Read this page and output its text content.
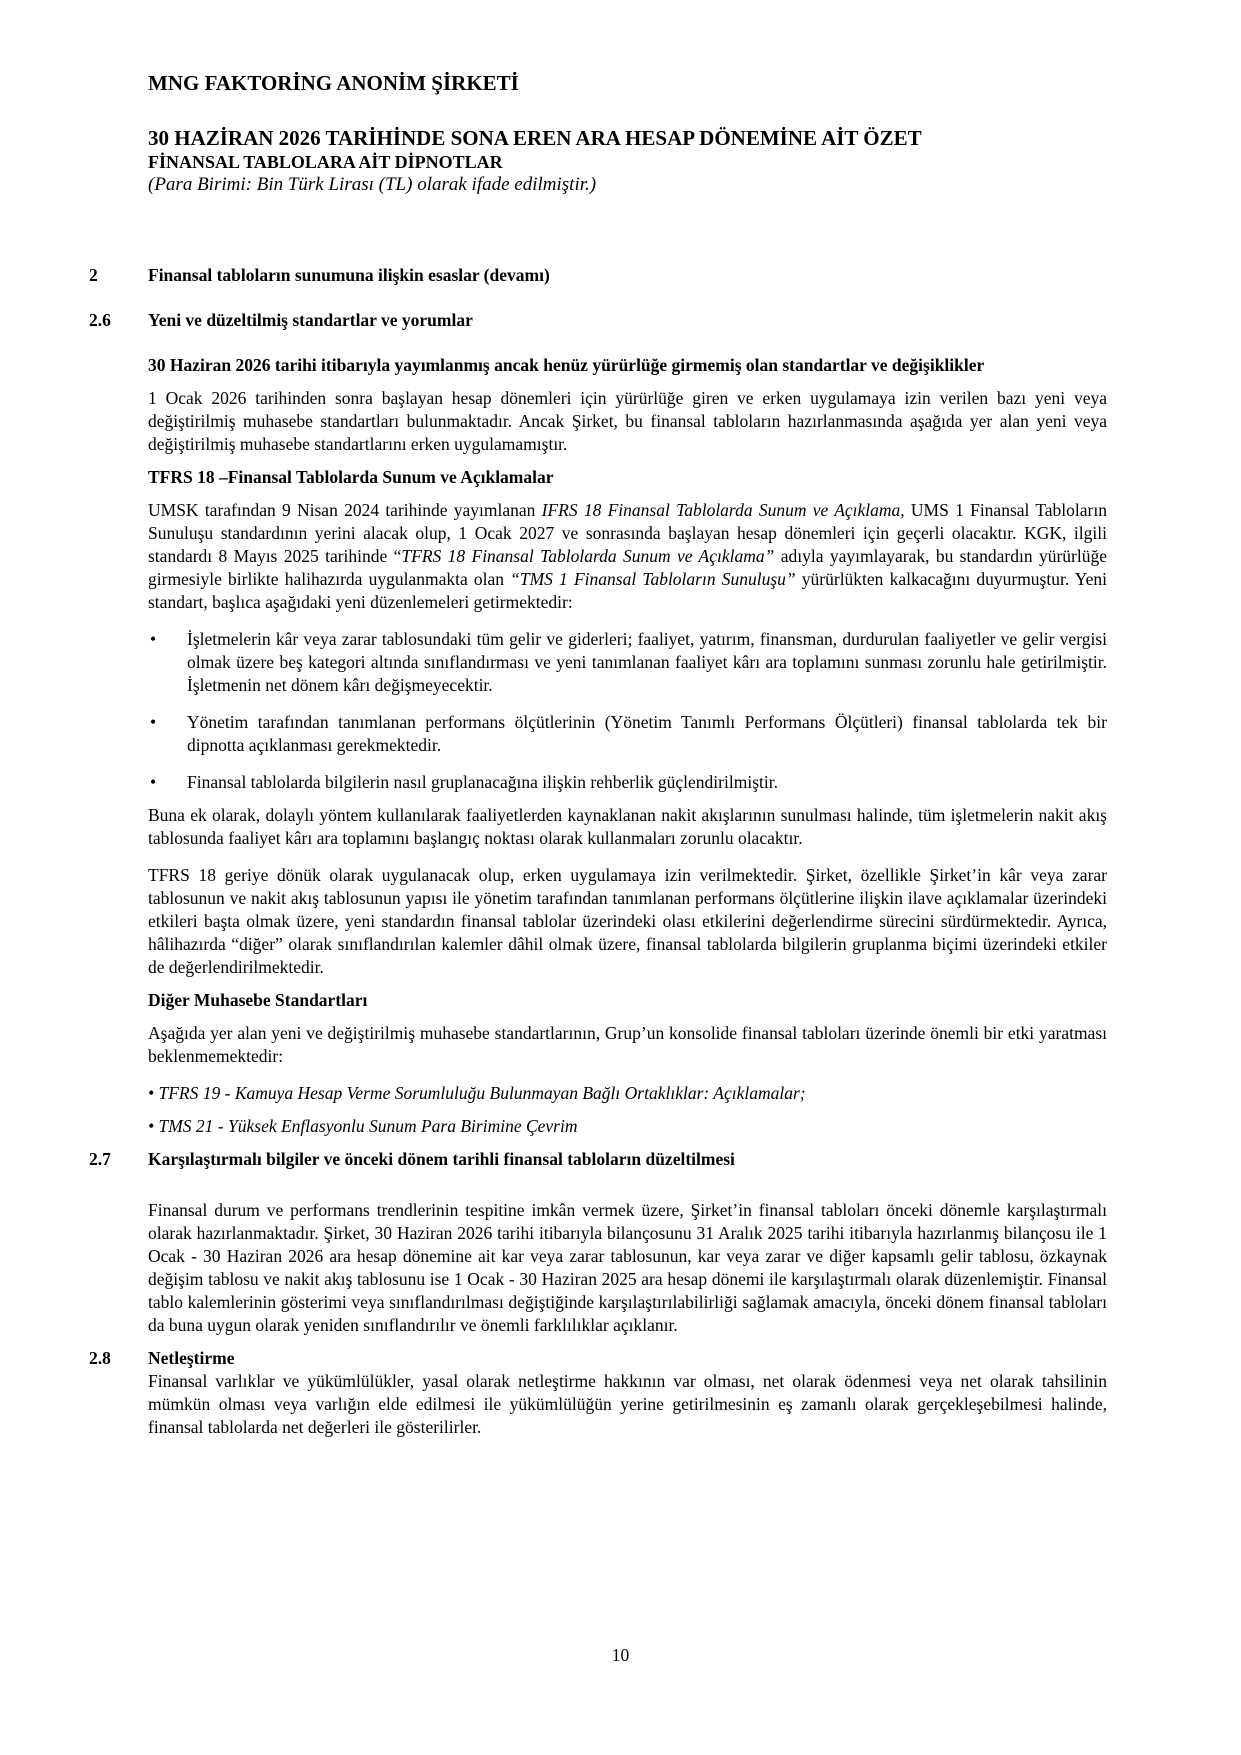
MNG FAKTORİNG ANONİM ŞİRKETİ

30 HAZİRAN 2026 TARİHİNDE SONA EREN ARA HESAP DÖNEMİNE AİT ÖZET

FİNANSAL TABLOLARA AİT DİPNOTLAR

(Para Birimi: Bin Türk Lirası (TL) olarak ifade edilmiştir.)

2	Finansal tabloların sunumuna ilişkin esaslar (devamı)
2.6 Yeni ve düzeltilmiş standartlar ve yorumlar
30 Haziran 2026 tarihi itibarıyla yayımlanmış ancak henüz yürürlüğe girmemiş olan standartlar ve değişiklikler
1 Ocak 2026 tarihinden sonra başlayan hesap dönemleri için yürürlüğe giren ve erken uygulamaya izin verilen bazı yeni veya değiştirilmiş muhasebe standartları bulunmaktadır. Ancak Şirket, bu finansal tabloların hazırlanmasında aşağıda yer alan yeni veya değiştirilmiş muhasebe standartlarını erken uygulamamıştır.
TFRS 18 –Finansal Tablolarda Sunum ve Açıklamalar
UMSK tarafından 9 Nisan 2024 tarihinde yayımlanan IFRS 18 Finansal Tablolarda Sunum ve Açıklama, UMS 1 Finansal Tabloların Sunuluşu standardının yerini alacak olup, 1 Ocak 2027 ve sonrasında başlayan hesap dönemleri için geçerli olacaktır. KGK, ilgili standardı 8 Mayıs 2025 tarihinde “TFRS 18 Finansal Tablolarda Sunum ve Açıklama” adıyla yayımlayarak, bu standardın yürürlüğe girmesiyle birlikte halihazırda uygulanmakta olan “TMS 1 Finansal Tabloların Sunuluşu” yürürlükten kalkacağını duyurmuştur. Yeni standart, başlıca aşağıdaki yeni düzenlemeleri getirmektedir:
• İşletmelerin kâr veya zarar tablosundaki tüm gelir ve giderleri; faaliyet, yatırım, finansman, durdurulan faaliyetler ve gelir vergisi olmak üzere beş kategori altında sınıflandırması ve yeni tanımlanan faaliyet kârı ara toplamını sunması zorunlu hale getirilmiştir. İşletmenin net dönem kârı değişmeyecektir.
• Yönetim tarafından tanımlanan performans ölçütlerinin (Yönetim Tanımlı Performans Ölçütleri) finansal tablolarda tek bir dipnotta açıklanması gerekmektedir.
• Finansal tablolarda bilgilerin nasıl gruplanacağına ilişkin rehberlik güçlendirilmiştir.
Buna ek olarak, dolaylı yöntem kullanılarak faaliyetlerden kaynaklanan nakit akışlarının sunulması halinde, tüm işletmelerin nakit akış tablosunda faaliyet kârı ara toplamını başlangıç noktası olarak kullanmaları zorunlu olacaktır.
TFRS 18 geriye dönük olarak uygulanacak olup, erken uygulamaya izin verilmektedir. Şirket, özellikle Şirket’in kâr veya zarar tablosunun ve nakit akış tablosunun yapısı ile yönetim tarafından tanımlanan performans ölçütlerine ilişkin ilave açıklamalar üzerindeki etkileri başta olmak üzere, yeni standardın finansal tablolar üzerindeki olası etkilerini değerlendirme sürecini sürdürmektedir. Ayrıca, hâlihazırda “diğer” olarak sınıflandırılan kalemler dâhil olmak üzere, finansal tablolarda bilgilerin gruplanma biçimi üzerindeki etkiler de değerlendirilmektedir.
Diğer Muhasebe Standartları
Aşağıda yer alan yeni ve değiştirilmiş muhasebe standartlarının, Grup’un konsolide finansal tabloları üzerinde önemli bir etki yaratması beklenmemektedir:
• TFRS 19 - Kamuya Hesap Verme Sorumluluğu Bulunmayan Bağlı Ortaklıklar: Açıklamalar;
• TMS 21 - Yüksek Enflasyonlu Sunum Para Birimine Çevrim
2.7 Karşılaştırmalı bilgiler ve önceki dönem tarihli finansal tabloların düzeltilmesi
Finansal durum ve performans trendlerinin tespitine imkân vermek üzere, Şirket’in finansal tabloları önceki dönemle karşılaştırmalı olarak hazırlanmaktadır. Şirket, 30 Haziran 2026 tarihi itibarıyla bilançosunu 31 Aralık 2025 tarihi itibarıyla hazırlanmış bilançosu ile 1 Ocak - 30 Haziran 2026 ara hesap dönemine ait kar veya zarar tablosunun, kar veya zarar ve diğer kapsamlı gelir tablosu, özkaynak değişim tablosu ve nakit akış tablosunu ise 1 Ocak - 30 Haziran 2025 ara hesap dönemi ile karşılaştırmalı olarak düzenlemiştir. Finansal tablo kalemlerinin gösterimi veya sınıflandırılması değiştiğinde karşılaştırılabilirliği sağlamak amacıyla, önceki dönem finansal tabloları da buna uygun olarak yeniden sınıflandırılır ve önemli farklılıklar açıklanır.
2.8 Netleştirme
Finansal varlıklar ve yükümlülükler, yasal olarak netleştirme hakkının var olması, net olarak ödenmesi veya net olarak tahsilinin mümkün olması veya varlığın elde edilmesi ile yükümlülüğün yerine getirilmesinin eş zamanlı olarak gerçekleşebilmesi halinde, finansal tablolarda net değerleri ile gösterilirler.
10
